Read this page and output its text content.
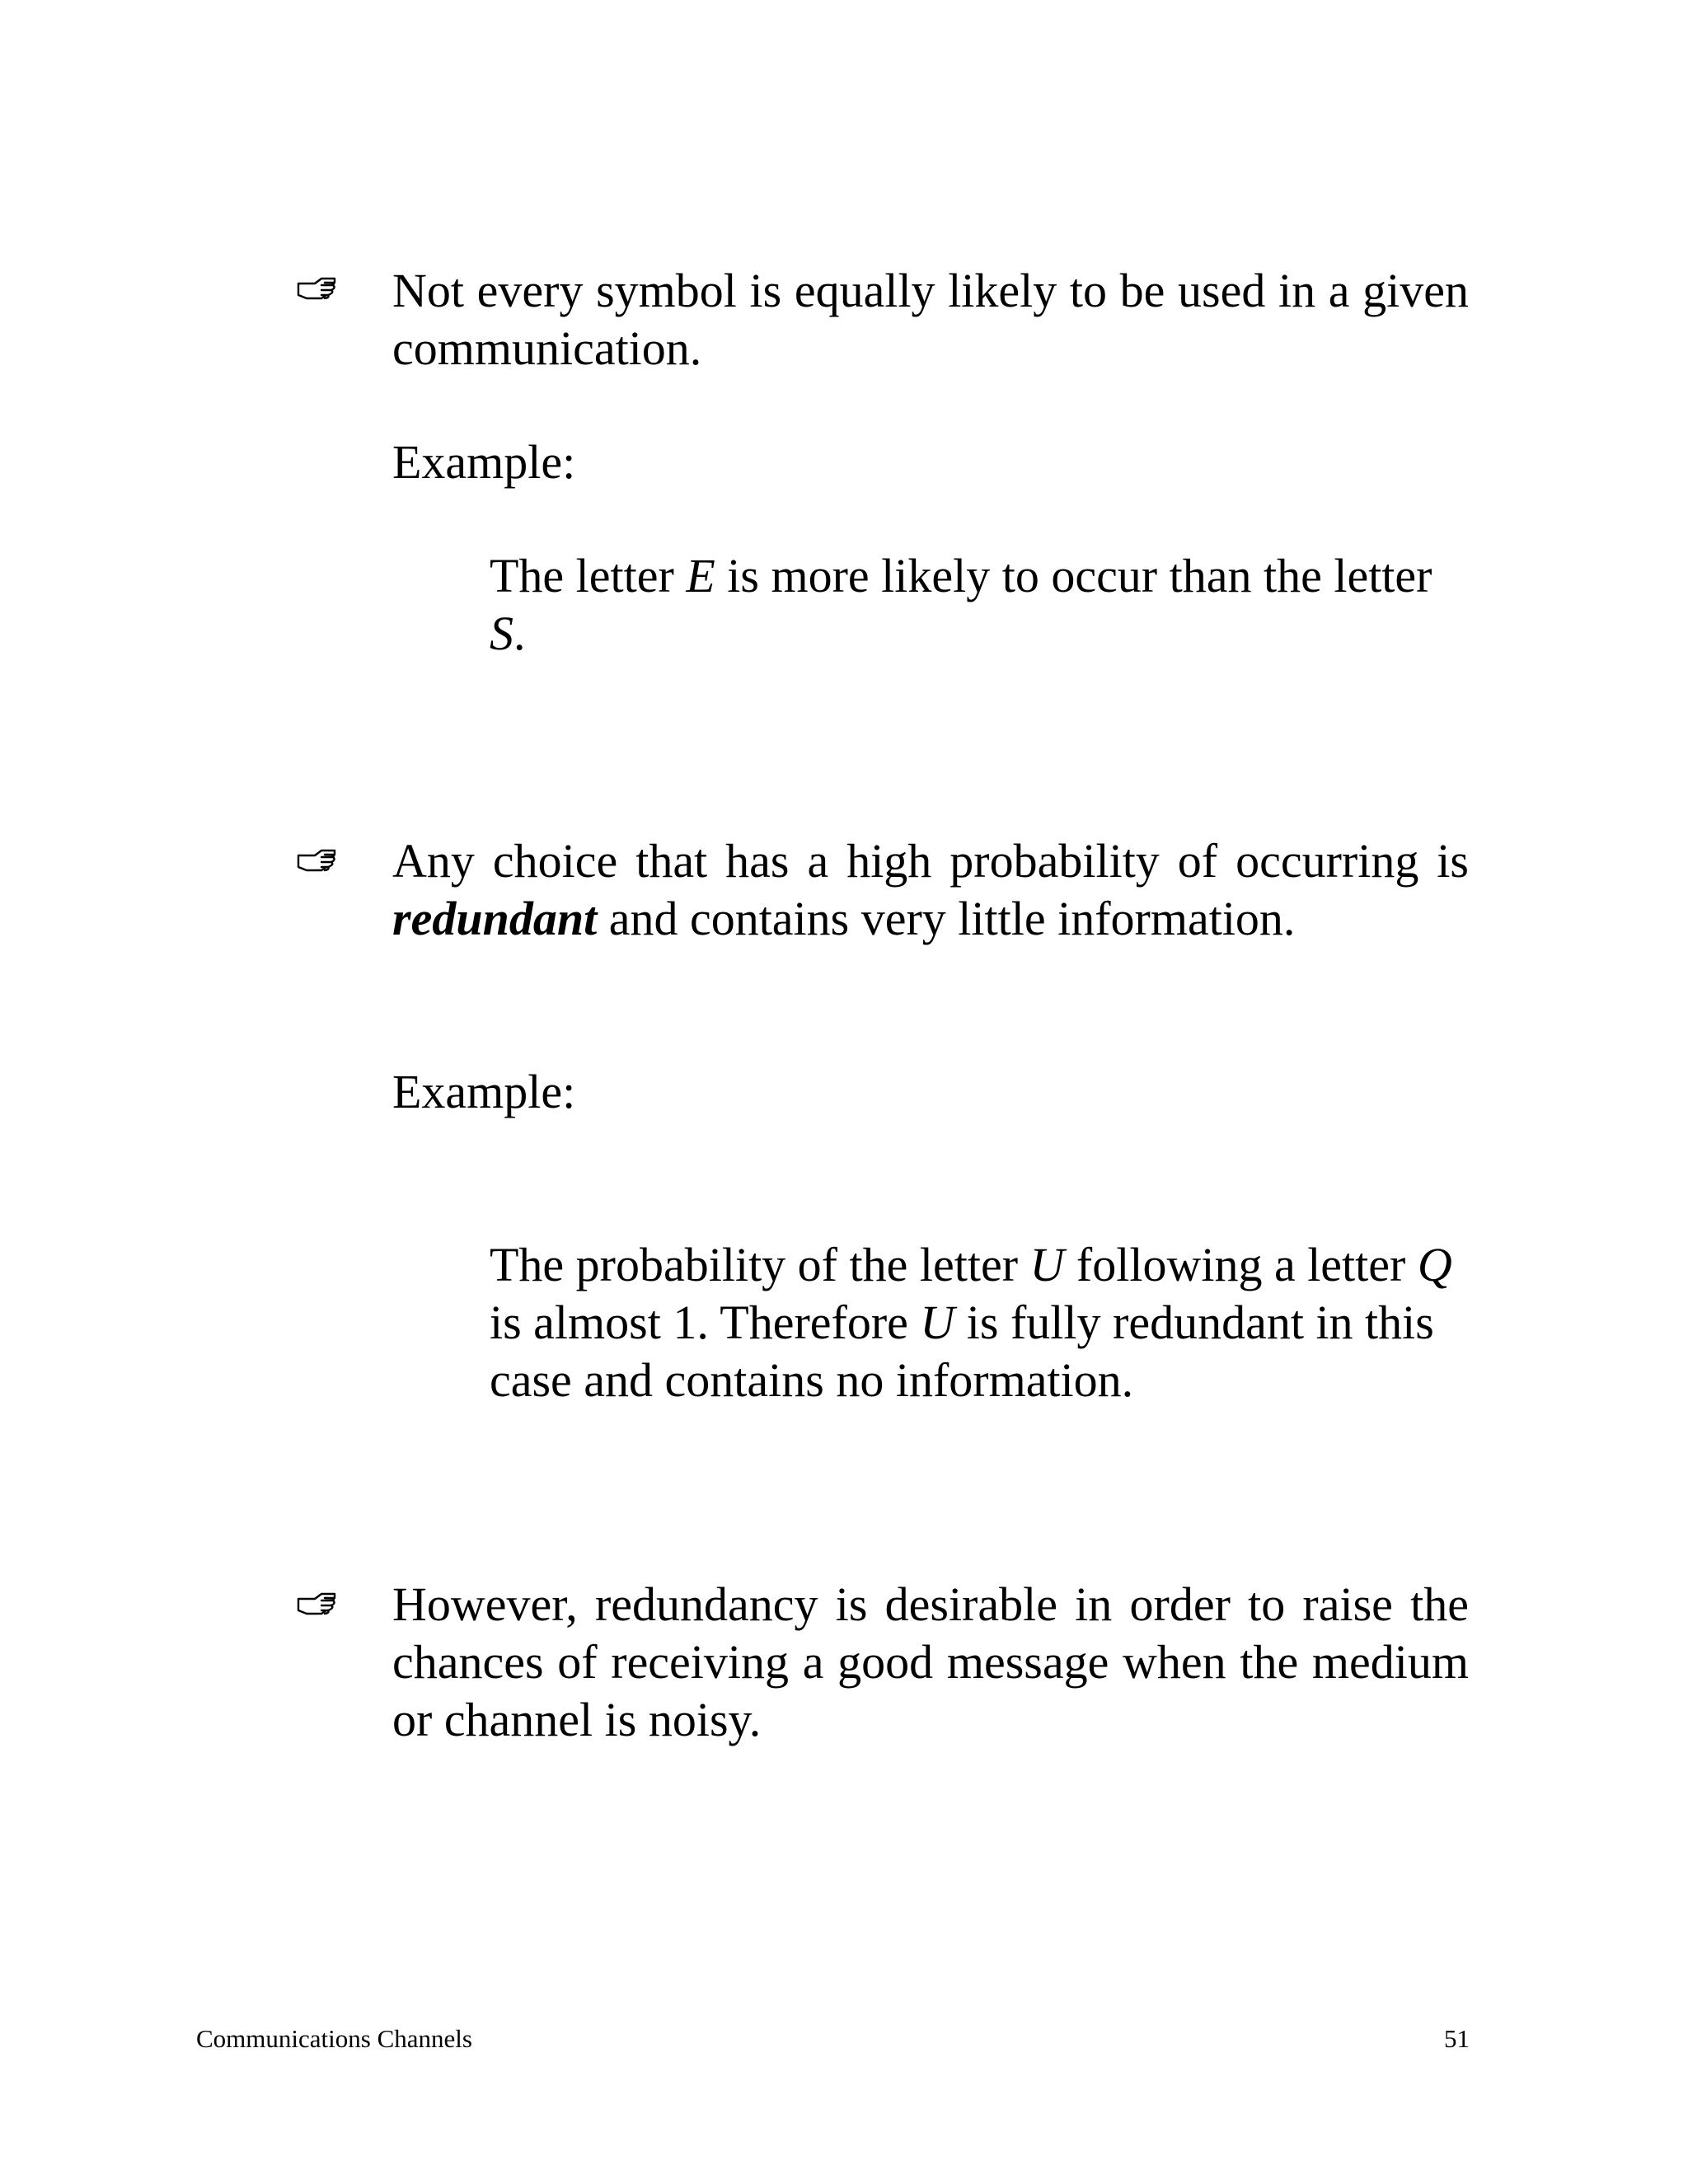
Not every symbol is equally likely to be used in a given communication.

Example:

The letter E is more likely to occur than the letter
S.

Any choice that has a high probability of occurring is redundant and contains very little information.

Example:

The probability of the letter U following a letter Q
is almost 1. Therefore U is fully redundant in this case and contains no information.

However, redundancy is desirable in order to raise the chances of receiving a good message when the medium or channel is noisy.

Communications Channels	51
